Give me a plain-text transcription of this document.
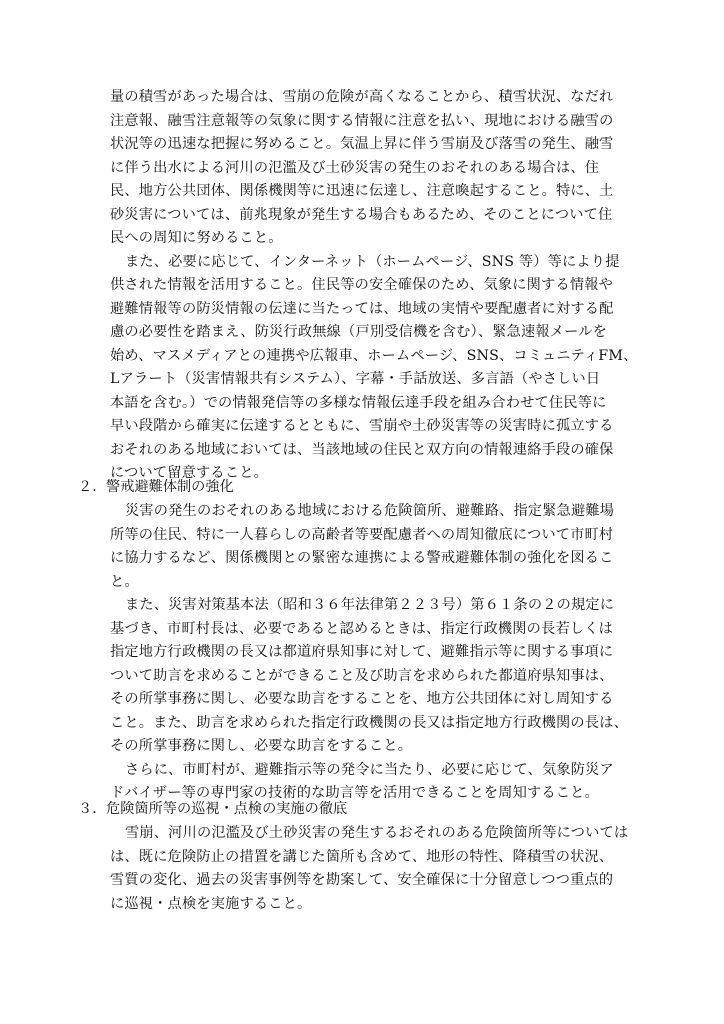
量の積雪があった場合は、雪崩の危険が高くなることから、積雪状況、なだれ
注意報、融雪注意報等の気象に関する情報に注意を払い、現地における融雪の
状況等の迅速な把握に努めること。気温上昇に伴う雪崩及び落雪の発生、融雪
に伴う出水による河川の氾濫及び土砂災害の発生のおそれのある場合は、住
民、地方公共団体、関係機関等に迅速に伝達し、注意喚起すること。特に、土
砂災害については、前兆現象が発生する場合もあるため、そのことについて住
民への周知に努めること。
また、必要に応じて、インターネット（ホームページ、SNS 等）等により提
供された情報を活用すること。住民等の安全確保のため、気象に関する情報や
避難情報等の防災情報の伝達に当たっては、地域の実情や要配慮者に対する配
慮の必要性を踏まえ、防災行政無線（戸別受信機を含む）、緊急速報メールを
始め、マスメディアとの連携や広報車、ホームページ、SNS、コミュニティFM、
Lアラート（災害情報共有システム）、字幕・手話放送、多言語（やさしい日
本語を含む。）での情報発信等の多様な情報伝達手段を組み合わせて住民等に
早い段階から確実に伝達するとともに、雪崩や土砂災害等の災害時に孤立する
おそれのある地域においては、当該地域の住民と双方向の情報連絡手段の確保
について留意すること。
２．警戒避難体制の強化
災害の発生のおそれのある地域における危険箇所、避難路、指定緊急避難場
所等の住民、特に一人暮らしの高齢者等要配慮者への周知徹底について市町村
に協力するなど、関係機関との緊密な連携による警戒避難体制の強化を図るこ
と。
また、災害対策基本法（昭和３６年法律第２２３号）第６１条の２の規定に
基づき、市町村長は、必要であると認めるときは、指定行政機関の長若しくは
指定地方行政機関の長又は都道府県知事に対して、避難指示等に関する事項に
ついて助言を求めることができること及び助言を求められた都道府県知事は、
その所掌事務に関し、必要な助言をすることを、地方公共団体に対し周知する
こと。また、助言を求められた指定行政機関の長又は指定地方行政機関の長は、
その所掌事務に関し、必要な助言をすること。
さらに、市町村が、避難指示等の発令に当たり、必要に応じて、気象防災ア
ドバイザー等の専門家の技術的な助言等を活用できることを周知すること。
３．危険箇所等の巡視・点検の実施の徹底
雪崩、河川の氾濫及び土砂災害の発生するおそれのある危険箇所等については
は、既に危険防止の措置を講じた箇所も含めて、地形の特性、降積雪の状況、
雪質の変化、過去の災害事例等を勘案して、安全確保に十分留意しつつ重点的
に巡視・点検を実施すること。
